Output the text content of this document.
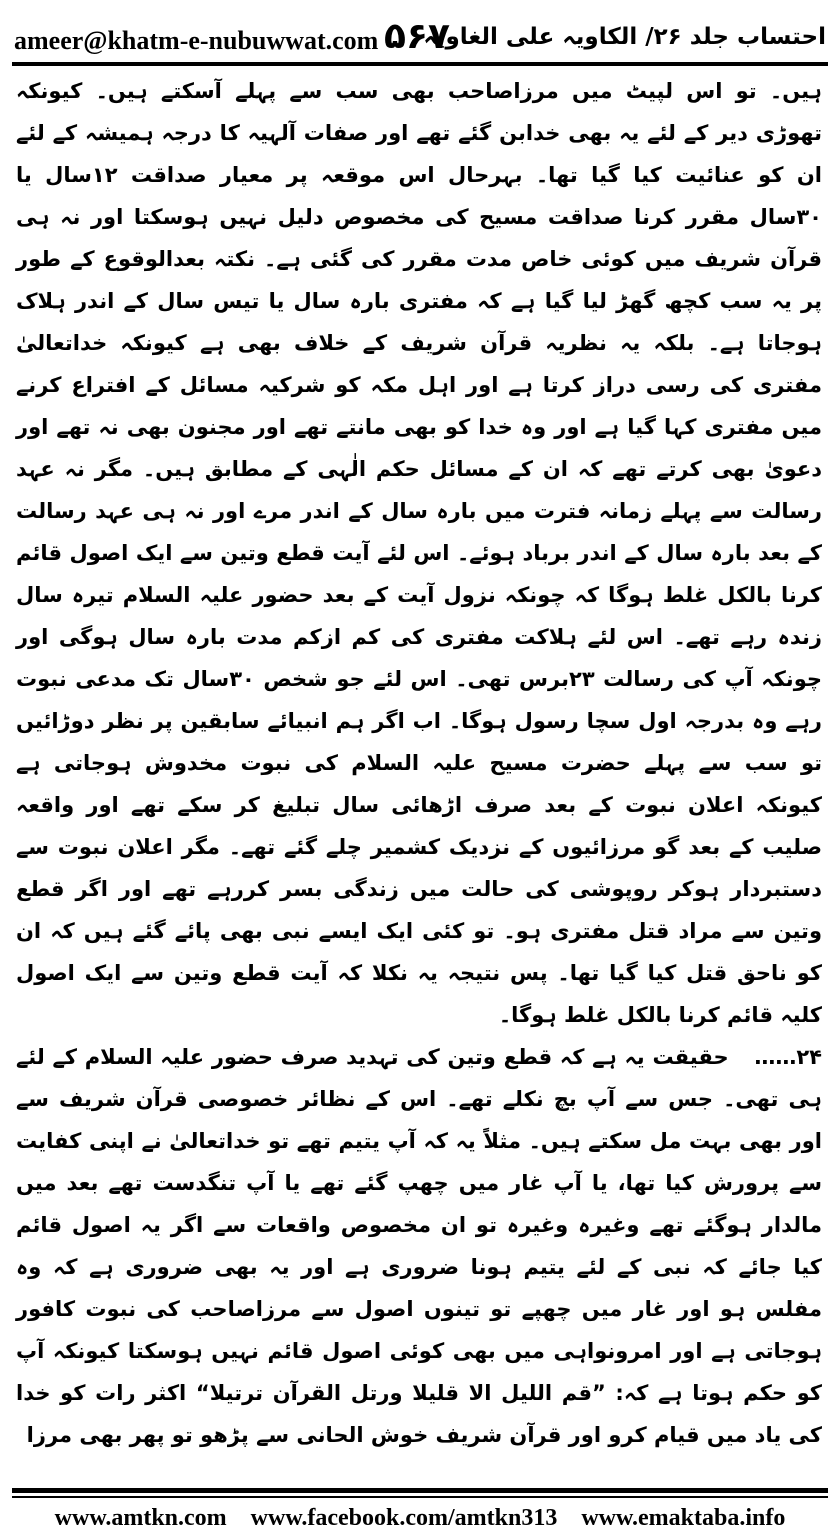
ameer@khatm-e-nubuwwat.com ۵۶۷
احتساب جلد ۲۶/ الکاویہ علی الغاویہ

ہیں۔ تو اس لپیٹ میں مرزاصاحب بھی سب سے پہلے آسکتے ہیں۔ کیونکہ تھوڑی دیر کے لئے یہ بھی خدابن گئے تھے اور صفات آلہیہ کا درجہ ہمیشہ کے لئے ان کو عنائیت کیا گیا تھا۔ بہرحال اس موقعہ پر معیار صداقت ۱۲سال یا ۳۰سال مقرر کرنا صداقت مسیح کی مخصوص دلیل نہیں ہوسکتا اور نہ ہی قرآن شریف میں کوئی خاص مدت مقرر کی گئی ہے۔ نکتہ بعدالوقوع کے طور پر یہ سب کچھ گھڑ لیا گیا ہے کہ مفتری بارہ سال یا تیس سال کے اندر ہلاک ہوجاتا ہے۔ بلکہ یہ نظریہ قرآن شریف کے خلاف بھی ہے کیونکہ خداتعالیٰ مفتری کی رسی دراز کرتا ہے اور اہل مکہ کو شرکیہ مسائل کے افتراع کرنے میں مفتری کہا گیا ہے اور وہ خدا کو بھی مانتے تھے اور مجنون بھی نہ تھے اور دعویٰ بھی کرتے تھے کہ ان کے مسائل حکم الٰہی کے مطابق ہیں۔ مگر نہ عہد رسالت سے پہلے زمانہ فترت میں بارہ سال کے اندر مرے اور نہ ہی عہد رسالت کے بعد بارہ سال کے اندر برباد ہوئے۔ اس لئے آیت قطع وتین سے ایک اصول قائم کرنا بالکل غلط ہوگا کہ چونکہ نزول آیت کے بعد حضور علیہ السلام تیرہ سال زندہ رہے تھے۔ اس لئے ہلاکت مفتری کی کم ازکم مدت بارہ سال ہوگی اور چونکہ آپ کی رسالت ۲۳برس تھی۔ اس لئے جو شخص ۳۰سال تک مدعی نبوت رہے وہ بدرجہ اول سچا رسول ہوگا۔ اب اگر ہم انبیائے سابقین پر نظر دوڑائیں تو سب سے پہلے حضرت مسیح علیہ السلام کی نبوت مخدوش ہوجاتی ہے کیونکہ اعلان نبوت کے بعد صرف اڑھائی سال تبلیغ کر سکے تھے اور واقعہ صلیب کے بعد گو مرزائیوں کے نزدیک کشمیر چلے گئے تھے۔ مگر اعلان نبوت سے دستبردار ہوکر روپوشی کی حالت میں زندگی بسر کررہے تھے اور اگر قطع وتین سے مراد قتل مفتری ہو۔ تو کئی ایک ایسے نبی بھی پائے گئے ہیں کہ ان کو ناحق قتل کیا گیا تھا۔ پس نتیجہ یہ نکلا کہ آیت قطع وتین سے ایک اصول کلیہ قائم کرنا بالکل غلط ہوگا۔

۲۴…… حقیقت یہ ہے کہ قطع وتین کی تہدید صرف حضور علیہ السلام کے لئے ہی تھی۔ جس سے آپ بچ نکلے تھے۔ اس کے نظائر خصوصی قرآن شریف سے اور بھی بہت مل سکتے ہیں۔ مثلاً یہ کہ آپ یتیم تھے تو خداتعالیٰ نے اپنی کفایت سے پرورش کیا تھا، یا آپ غار میں چھپ گئے تھے یا آپ تنگدست تھے بعد میں مالدار ہوگئے تھے وغیرہ وغیرہ تو ان مخصوص واقعات سے اگر یہ اصول قائم کیا جائے کہ نبی کے لئے یتیم ہونا ضروری ہے اور یہ بھی ضروری ہے کہ وہ مفلس ہو اور غار میں چھپے تو تینوں اصول سے مرزاصاحب کی نبوت کافور ہوجاتی ہے اور امرونواہی میں بھی کوئی اصول قائم نہیں ہوسکتا کیونکہ آپ کو حکم ہوتا ہے کہ: ”قم اللیل الا قلیلا ورتل القرآن ترتیلا“ اکثر رات کو خدا کی یاد میں قیام کرو اور قرآن شریف خوش الحانی سے پڑھو تو پھر بھی مرزا

www.amtkn.com www.facebook.com/amtkn313 www.emaktaba.info
